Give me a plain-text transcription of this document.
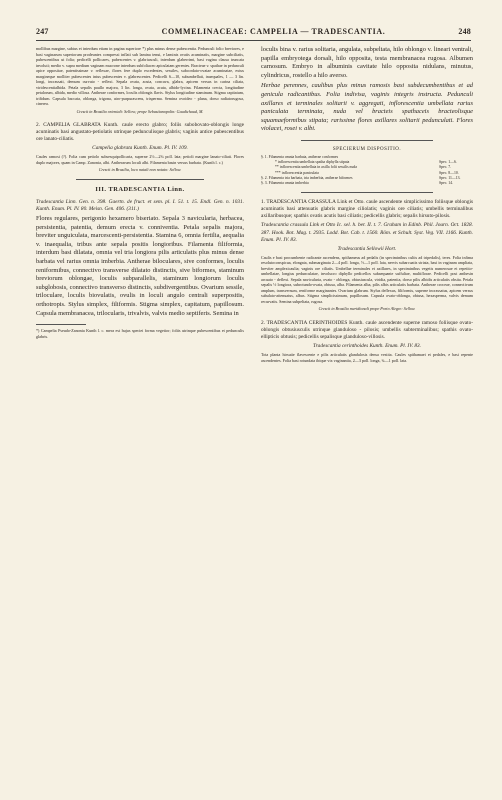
247	COMMELINACEAE: CAMPELIA — TRADESCANTIA.	248

mollibus margine, subtus et interdum etiam in pagina superiore *) plus minus dense pubescentia. Pedunculi folio breviores, e basi vaginarum superiorum prodeuntes compressi inflati sub lamina tenui, e laminis ovatis acuminatis, margine subciliatis, pubescentibus ut folia; pedicelli pollicares, pubescentes v. glabriusculi, interdum glaberrimi, basi vagina clausa truncata involuti; medio v. supra medium vaginam mucrone interdum subfoliaceo apiculatam gerentes. Bracteae v. spathae in pedunculi apice oppositae, patentissimae v. reflexae, flores fere duplo excedentes, sessiles, subcordato-ovatae acuminatae, extus margineque molliter pubescentes intus pubescentes v. glabrescentes. Pedicelli 6—10, subumbellati, inaequales, 1 — 3 lin. longi, incrassati, demum curvato - reflexi. Sepala ovata, acuta, concava, glabra, apicem versus in carina ciliata, viridescentialbida. Petala sepalis paullo majora, 3 lin. longa, ovata, acuta, albido-lycina. Filamenta crecta, longitudine petalorum, albida, medio villosa. Antherae conformes, loculis oblongis flavis. Stylus longitudine staminum. Stigma capitatum, trifidum. Capsula baccata, oblonga, trigona, atro-purpurascens, trisperma. Semina ovoideo - plana, dorso radiatorugosa, cinerea.

Crescit in Brasilia orientali: Sellow; prope Sebastianopolin: Gaudichaud, M.

2. CAMPELIA GLABRATA Kunth. caule erecto glabro; foliis subobovato-oblongis longe acuminatis basi angustato-petiolatis utrinque pedunculisque glabris; vaginis antice pubescentibus ore lanato-ciliatis.

Campelia glabrata Kunth. Enum. Pl. IV. 109.

Caules ramosi (?). Folia cum petiolo subsesquipollicaria, superne 2½—2¾ poll. lata; petioli margine lanato-ciliati. Flores duplo majores, quam in Camp. Zanonia, albi. Antherarum loculi albi. Filamenta basin versus barbata. (Kunth l. c.)

Crescit in Brasilia, loco natali non notato: Sellow.

III. TRADESCANTIA Linn.

Tradescantia Linn. Gen. n. 398. Gaertn. de fruct. et sem. pl. I. 51. t. 15. Endl. Gen. n. 1031. Kunth. Enum. Pl. IV. 80. Meisn. Gen. 406. (311.)

Flores regulares, perigonio hexamero biseriato. Sepala 3 navicularia, herbacea, persistentia, patentia, demum erecta v. conniventia. Petala sepalis majora, breviter unguiculata, marcescenti-persistentia. Stamina 6, omnia fertilia, aequalia v. inaequalia, tribus ante sepala positis longioribus. Filamenta filiformia, interdum basi dilatata, omnia vel tria longiora pilis articulatis plus minus dense barbata vel rarius omnia imberbia. Antherae biloculares, sive conformes, loculis reniformibus, connectivo transverse dilatato distinctis, sive biformes, staminum breviorum oblongae, loculis subparallelis, staminum longiorum loculis subglobosis, connectivo transverso distinctis, subdivergentibus. Ovarium sessile, triloculare, loculis biovulatis, ovulis in loculi angulo centrali superpositis, orthotropis. Stylus simplex, filiformis. Stigma simplex, capitatum, papillosum. Capsula membranacea, trilocularis, trivalvis, valvis medio septiferis. Semina in

*) Campelia Pseudo-Zanonia Kunth l. c. mera est hujus speciei forma vegetior; foliis utrinque pubescentibus et pedunculis glabris.

loculis bina v. rarius solitaria, angulata, subpeltata, hilo oblongo v. lineari ventrali, papilla embryotega dorsali, hilo opposita, testa membranacea rugosa. Albumen carnosum. Embryo in albuminis cavitate hilo opposita nidulans, minutus, cylindricus, rostello a hilo averso.

Herbae perennes, caulibus plus minus ramosis basi subdecumbentibus et ad genicula radicantibus. Folia indivisa, vaginis integris instructa. Pedunculi axillares et terminales solitarii v. aggregati, inflorescentia umbellata rarius paniculata terminata, nuda vel bracteis spathaceis bracteolisque squamaeformibus stipata; rarissime flores axillares solitarii pedunculati. Flores violacei, rosei v. albi.

SPECIERUM DISPOSITIO.
§. 1. Filamenta omnia barbata, antherae conformes
* inflorescentia umbellata spatha diphylla stipata	Spec. 1—6.
** inflorescentia umbellata in axilla folii sessilis nuda	Spec. 7.
*** inflorescentia paniculata	Spec. 8—10.
§. 2. Filamenta tria barbata, tria imberbia, antherae biformes	Spec. 11—13.
§. 3. Filamenta omnia imberbia	Spec. 14.

1. TRADESCANTIA CRASSULA Link et Otto. caule ascendente simplicissimo foliisque oblongis acuminatis basi attenuatis glabris margine ciliolatis; vaginis ore ciliatis; umbellis terminalibus axillaribusque; spathis ovatis acutis basi ciliatis; pedicellis glabris; sepalis hirsuto-pilosis.

Tradescantia crassula Link et Otto Ic. sel. h. ber. II. t. 7. Graham in Edinb. Phil. Journ. Oct. 1828. 387. Hook. Bot. Mag. t. 2935. Lodd. Bot. Cab. t. 1560. Röm. et Schult. Syst. Veg. VII. 1166. Kunth. Enum. Pl. IV. 83.

Tradescantia Sellowii Hort.

Caulis e basi procumbente radicante ascendens, spithameus ad pedalis (in speciminibus cultis ad tripedalis), teres. Folia infima resolutoconspicua, elongata, submarginata 2—4 poll. longa, ½—1 poll. lata, nervis subarcuatis striata, basi in vaginam ampliata, breviter amplexicaulia; vaginis ore ciliatis. Umbellae terminales et axillares, in speciminibus vegetis numerosae et repetito-umbellatae, longius pedunculatae, involucro diphyllo pedicellos subaequante suffultae, multiflorae. Pedicelli post anthesin arcuato - deflexi. Sepala navicularia, ovato - oblonga, obtusiuscula, viridia, patentia, dorso pilis albidis articulatis obsita. Petala sepalis ½ longiora, subrotundo-ovata, obtusa, alba. Filamenta alba, pilis albis articulatis barbata. Antherae crocеae, connectivum amplum, transversum, reniforme marginantes. Ovarium glabrum. Stylus deflexus, filiformis, superne incrassatus, apicem versus subulato-attenuatus, albus. Stigma simplicissimum, papillosum. Capsula ovato-oblonga, obtusa, hexasperma, valvis demum recurvatis. Semina subpeltata, rugosa.

Crescit in Brasilia meridionali prope Porto Alegre: Sellow.

2. TRADESCANTIA CERINTHOIDES Kunth. caule ascendente superne ramoso foliisque ovato-oblongis obtusiusculis utrinque glanduloso - pilosis; umbellis subterminalibus; spathis ovato-ellipticis obtusis; pedicellis sepalisque glanduloso-villosis.

Tradescantia cerinthoides Kunth. Enum. Pl. IV. 83.

Tota planta hirsutie flavescente e pilis articulatis glandulosis densa vestita. Caules spithamaei et pedales, e basi repente ascendentes. Folia basi rotundata ibique vix vaginantia, 2—3 poll. longa, ¾—1 poll. lata.
